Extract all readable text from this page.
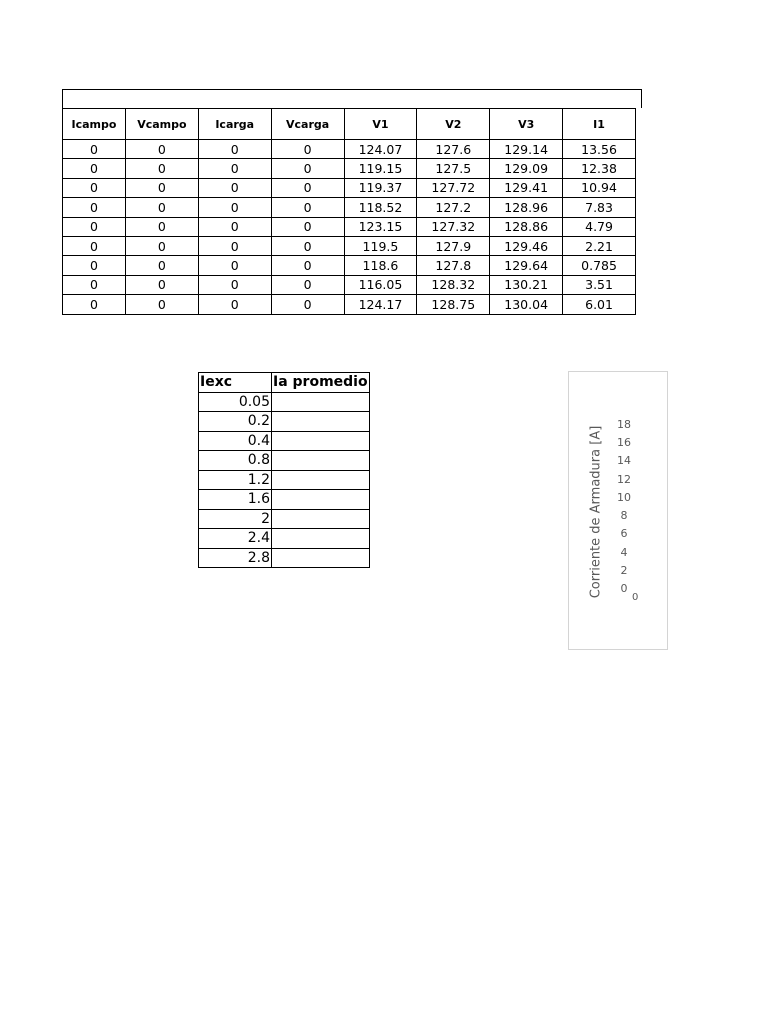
Icampo	Vcampo	Icarga	Vcarga	V1	V2	V3	I1
0	0	0	0	124.07	127.6	129.14	13.56
0	0	0	0	119.15	127.5	129.09	12.38
0	0	0	0	119.37	127.72	129.41	10.94
0	0	0	0	118.52	127.2	128.96	7.83
0	0	0	0	123.15	127.32	128.86	4.79
0	0	0	0	119.5	127.9	129.46	2.21
0	0	0	0	118.6	127.8	129.64	0.785
0	0	0	0	116.05	128.32	130.21	3.51
0	0	0	0	124.17	128.75	130.04	6.01
Iexc	Ia promedio
0.05	
0.2	
0.4	
0.8	
1.2	
1.6	
2	
2.4	
2.8		Corriente de Armadura [A]
18
16
14
12
10
8
6
4
2
0
0
